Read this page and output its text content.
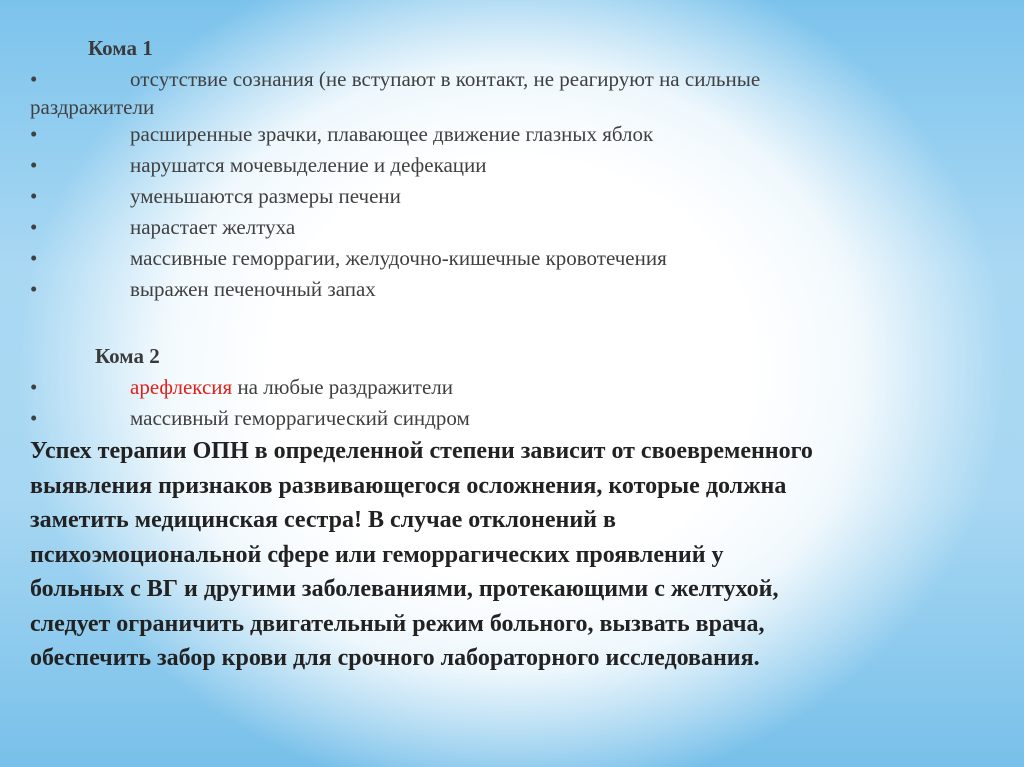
Кома 1
•	отсутствие сознания (не вступают в контакт, не реагируют на сильные
раздражители
•	расширенные зрачки, плавающее движение глазных яблок
•	нарушатся мочевыделение и дефекации
•	уменьшаются размеры печени
•	нарастает желтуха
•	массивные геморрагии, желудочно-кишечные кровотечения
•	выражен печеночный запах
Кома 2
•	арефлексия на любые раздражители
•	массивный геморрагический синдром
Успех терапии ОПН в определенной степени зависит от своевременного
выявления признаков развивающегося осложнения, которые должна
заметить медицинская сестра! В случае отклонений в
психоэмоциональной сфере или геморрагических проявлений у
больных с ВГ и другими заболеваниями, протекающими с желтухой,
следует ограничить двигательный режим больного, вызвать врача,
обеспечить забор крови для срочного лабораторного исследования.
